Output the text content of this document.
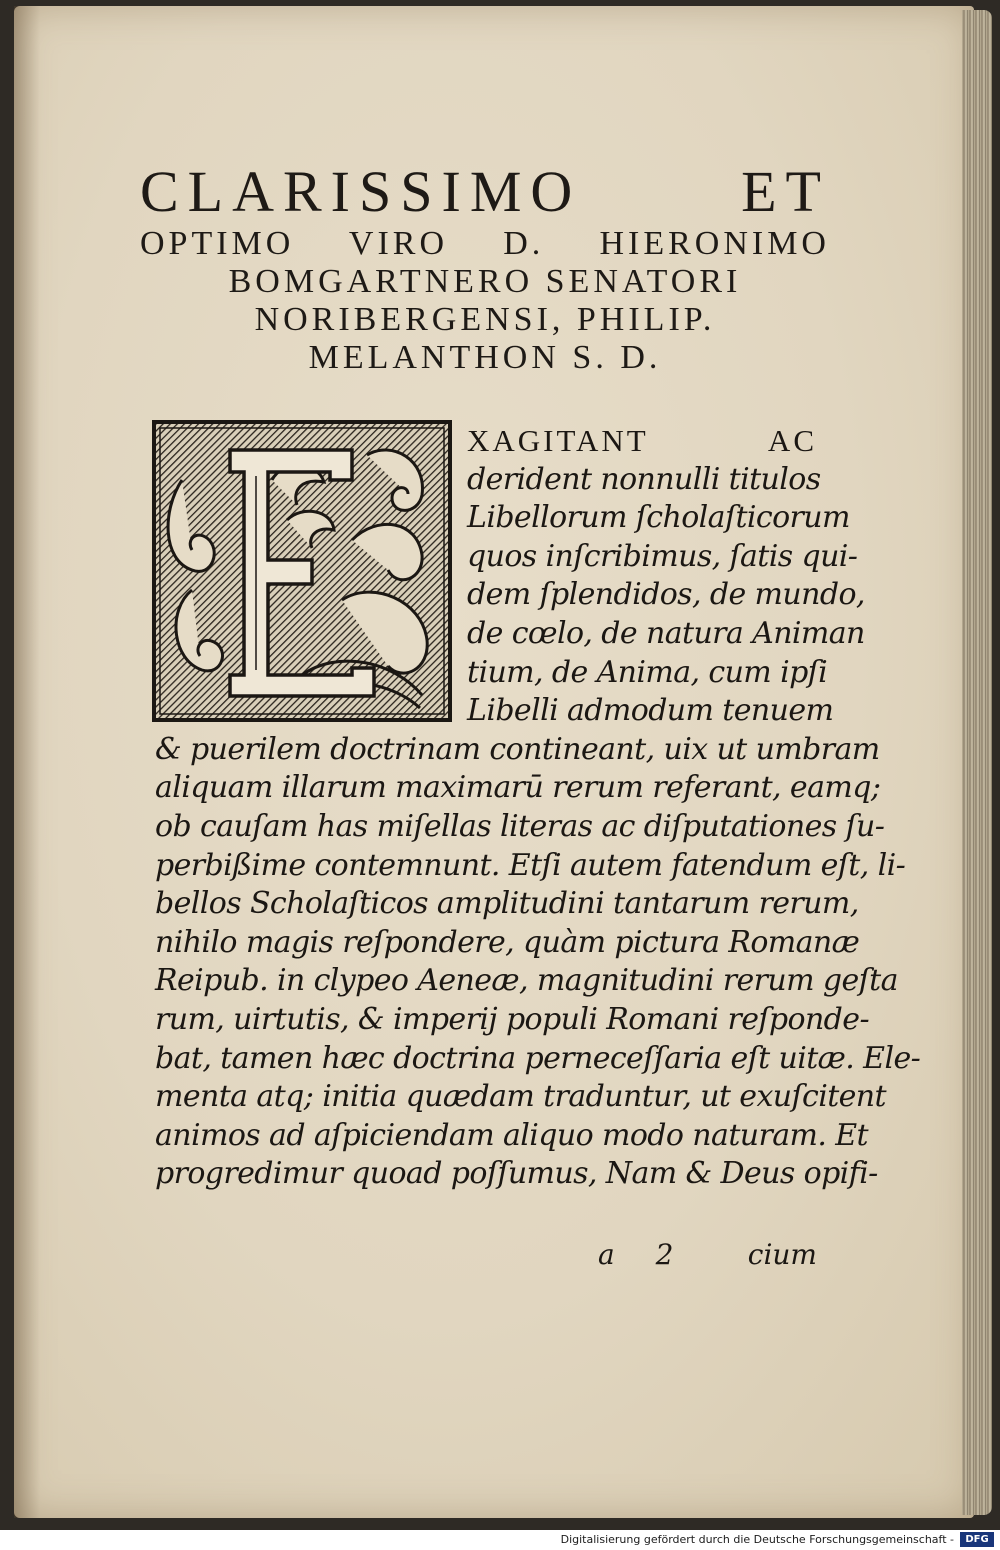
CLARISSIMO ET
OPTIMO VIRO D. HIERONIMO
BOMGARTNERO SENATORI
NORIBERGENSI, PHILIP.
MELANTHON S. D.
XAGITANT AC
derident nonnulli titulos
Libellorum ſcholaſticorum
quos inſcribimus, ſatis qui-
dem ſplendidos, de mundo,
de cœlo, de natura Animan
tium, de Anima, cum ipſi
Libelli admodum tenuem
& puerilem doctrinam contineant, uix ut umbram
aliquam illarum maximarū rerum referant, eamq;
ob cauſam has miſellas literas ac diſputationes ſu-
perbißime contemnunt. Etſi autem fatendum eſt, li-
bellos Scholaſticos amplitudini tantarum rerum,
nihilo magis reſpondere, quàm pictura Romanæ
Reipub. in clypeo Aeneæ, magnitudini rerum geſta
rum, uirtutis, & imperij populi Romani reſponde-
bat, tamen hæc doctrina perneceſſaria eſt uitæ. Ele-
menta atq; initia quædam traduntur, ut exuſcitent
animos ad aſpiciendam aliquo modo naturam. Et
progredimur quoad poſſumus, Nam & Deus opifi-
a 2 cium
Digitalisierung gefördert durch die Deutsche Forschungsgemeinschaft -	DFG
